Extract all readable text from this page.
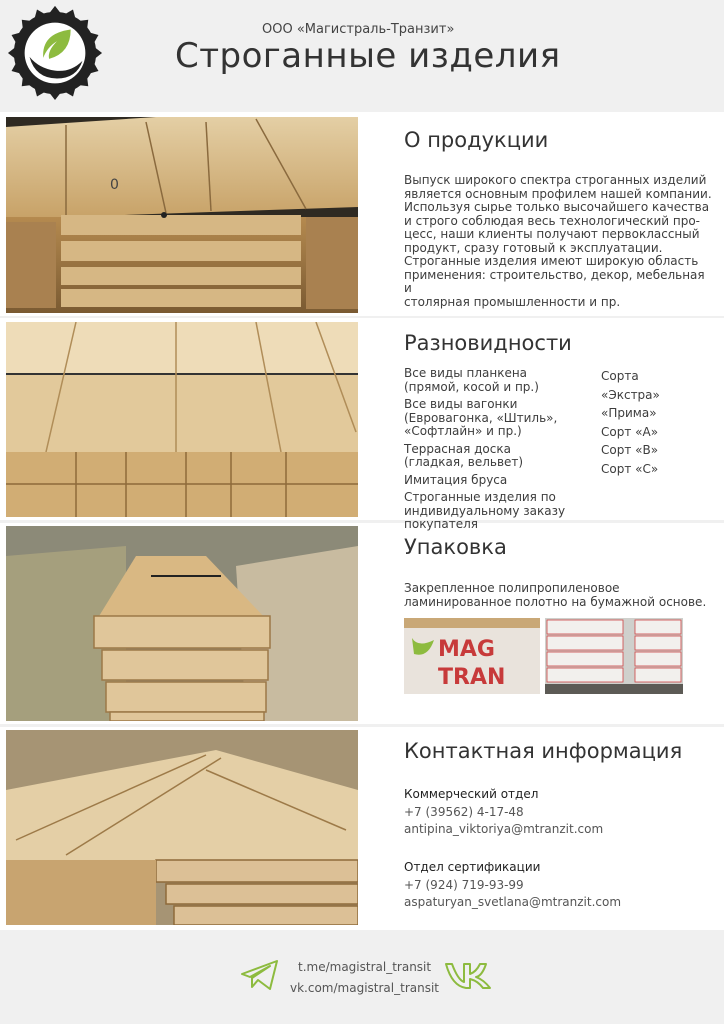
ООО «Магистраль-Транзит»
Строганные изделия
0
О продукции
Выпуск широкого спектра строганных изделий
является основным профилем нашей компании.
Используя сырье только высочайшего качества
и строго соблюдая весь технологический про-
цесс, наши клиенты получают первоклассный
продукт, сразу готовый к эксплуатации.
Строганные изделия имеют широкую область
применения: строительство, декор, мебельная и
столярная промышленности и пр.
Разновидности
Все виды планкена
(прямой, косой и пр.)
Все виды вагонки
(Евровагонка, «Штиль»,
«Софтлайн» и пр.)
Террасная доска
(гладкая, вельвет)
Имитация бруса
Строганные изделия по
индивидуальному заказу покупателя
Сорта
«Экстра»
«Прима»
Сорт «А»
Сорт «В»
Сорт «С»
Упаковка
Закрепленное полипропиленовое
ламинированное полотно на бумажной основе.
MAG
TRAN
Контактная информация
Коммерческий отдел
+7 (39562) 4-17-48
antipina_viktoriya@mtranzit.com
Отдел сертификации
+7 (924) 719-93-99
aspaturyan_svetlana@mtranzit.com
t.me/magistral_transit
vk.com/magistral_transit
